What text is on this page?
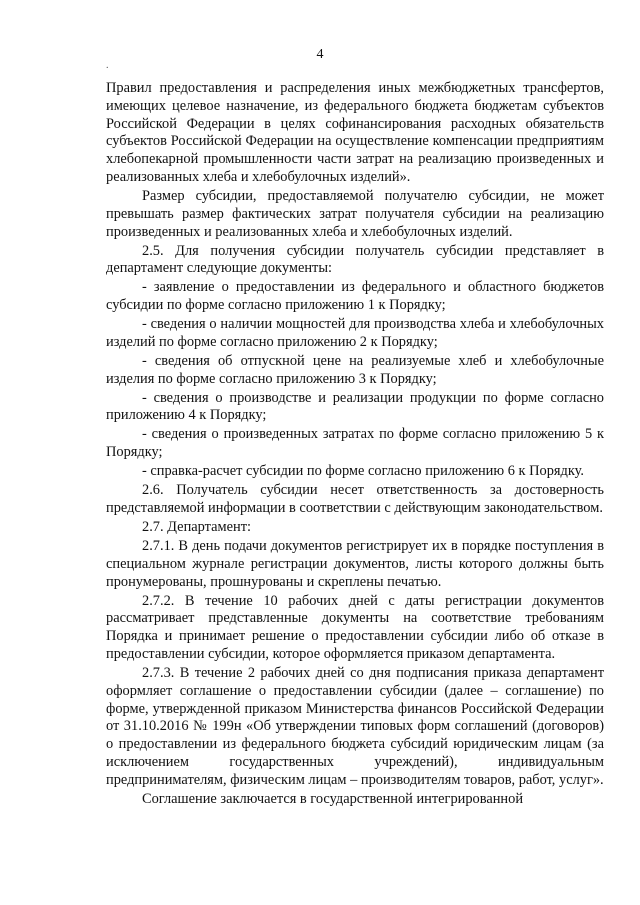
4
.

Правил предоставления и распределения иных межбюджетных трансфертов, имеющих целевое назначение, из федерального бюджета бюджетам субъектов Российской Федерации в целях софинансирования расходных обязательств субъектов Российской Федерации на осуществление компенсации предприятиям хлебопекарной промышленности части затрат на реализацию произведенных и реализованных хлеба и хлебобулочных изделий».

Размер субсидии, предоставляемой получателю субсидии, не может превышать размер фактических затрат получателя субсидии на реализацию произведенных и реализованных хлеба и хлебобулочных изделий.

2.5. Для получения субсидии получатель субсидии представляет в департамент следующие документы:

- заявление о предоставлении из федерального и областного бюджетов субсидии по форме согласно приложению 1 к Порядку;

- сведения о наличии мощностей для производства хлеба и хлебобулочных изделий по форме согласно приложению 2 к Порядку;

- сведения об отпускной цене на реализуемые хлеб и хлебобулочные изделия по форме согласно приложению 3 к Порядку;

- сведения о производстве и реализации продукции по форме согласно приложению 4 к Порядку;

- сведения о произведенных затратах по форме согласно приложению 5 к Порядку;

- справка-расчет субсидии по форме согласно приложению 6 к Порядку.

2.6. Получатель субсидии несет ответственность за достоверность представляемой информации в соответствии с действующим законодательством.

2.7. Департамент:

2.7.1. В день подачи документов регистрирует их в порядке поступления в специальном журнале регистрации документов, листы которого должны быть пронумерованы, прошнурованы и скреплены печатью.

2.7.2. В течение 10 рабочих дней с даты регистрации документов рассматривает представленные документы на соответствие требованиям Порядка и принимает решение о предоставлении субсидии либо об отказе в предоставлении субсидии, которое оформляется приказом департамента.

2.7.3. В течение 2 рабочих дней со дня подписания приказа департамент оформляет соглашение о предоставлении субсидии (далее – соглашение) по форме, утвержденной приказом Министерства финансов Российской Федерации от 31.10.2016 № 199н «Об утверждении типовых форм соглашений (договоров) о предоставлении из федерального бюджета субсидий юридическим лицам (за исключением государственных учреждений), индивидуальным предпринимателям, физическим лицам – производителям товаров, работ, услуг».

Соглашение заключается в государственной интегрированной
